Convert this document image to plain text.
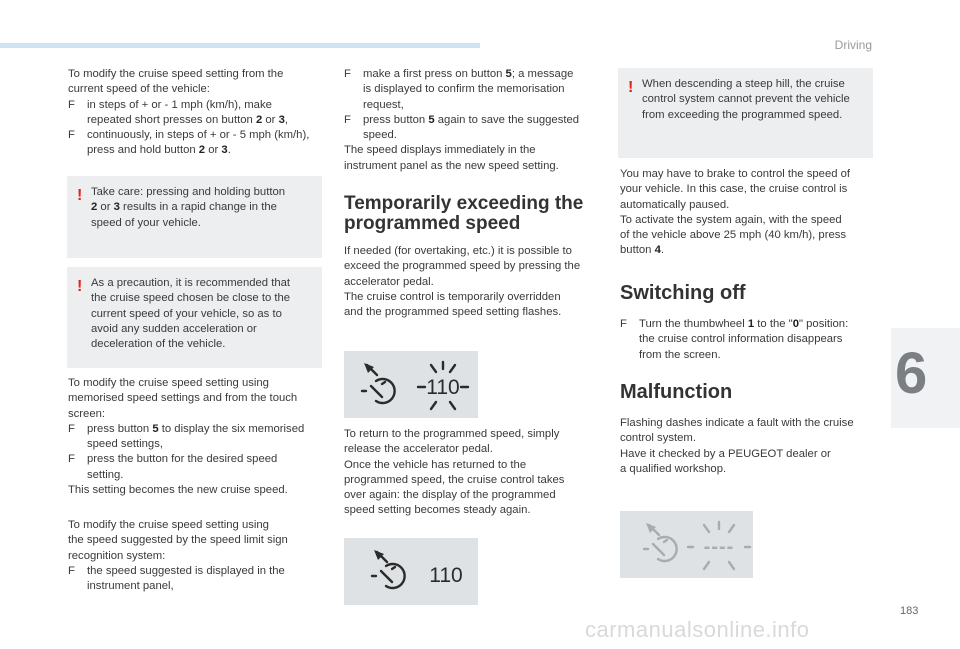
Driving
6

To modify the cruise speed setting from the
current speed of the vehicle:

F in steps of + or - 1 mph (km/h), make
repeated short presses on button 2 or 3,
F continuously, in steps of + or - 5 mph (km/h),
press and hold button 2 or 3.
! Take care: pressing and holding button
2 or 3 results in a rapid change in the
speed of your vehicle.
! As a precaution, it is recommended that the cruise speed chosen be close to the current speed of your vehicle, so as to avoid any sudden acceleration or deceleration of the vehicle.

To modify the cruise speed setting using
memorised speed settings and from the touch
screen:

F press button 5 to display the six memorised
speed settings,
F press the button for the desired speed
setting.

This setting becomes the new cruise speed.

To modify the cruise speed setting using
the speed suggested by the speed limit sign
recognition system:

F the speed suggested is displayed in the
instrument panel,
F make a first press on button 5; a message
is displayed to confirm the memorisation
request,
F press button 5 again to save the suggested
speed.

The speed displays immediately in the
instrument panel as the new speed setting.

Temporarily exceeding the
programmed speed

If needed (for overtaking, etc.) it is possible to
exceed the programmed speed by pressing the
accelerator pedal.
The cruise control is temporarily overridden
and the programmed speed setting flashes.

110

To return to the programmed speed, simply
release the accelerator pedal.
Once the vehicle has returned to the
programmed speed, the cruise control takes
over again: the display of the programmed
speed setting becomes steady again.

110
! When descending a steep hill, the cruise
control system cannot prevent the vehicle
from exceeding the programmed speed.

You may have to brake to control the speed of
your vehicle. In this case, the cruise control is
automatically paused.
To activate the system again, with the speed
of the vehicle above 25 mph (40 km/h), press
button 4.

Switching off
F Turn the thumbwheel 1 to the "0" position:
the cruise control information disappears
from the screen.
Malfunction

Flashing dashes indicate a fault with the cruise
control system.
Have it checked by a PEUGEOT dealer or
a qualified workshop.

----
183
carmanualsonline.info
